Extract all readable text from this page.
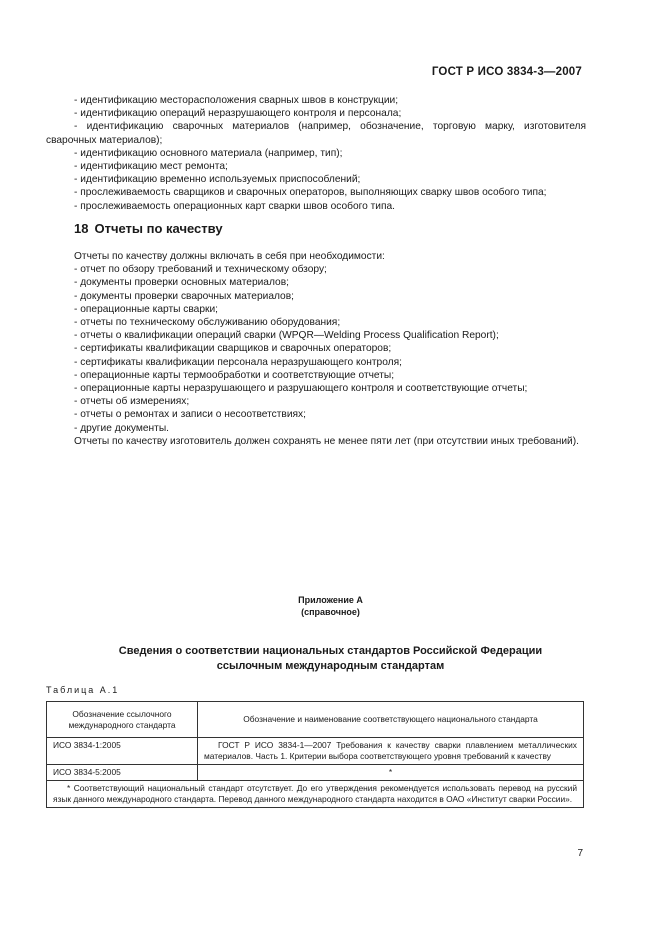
ГОСТ Р ИСО 3834-3—2007
- идентификацию месторасположения сварных швов в конструкции;
- идентификацию операций неразрушающего контроля и персонала;
- идентификацию сварочных материалов (например, обозначение, торговую марку, изготовителя сварочных материалов);
- идентификацию основного материала (например, тип);
- идентификацию мест ремонта;
- идентификацию временно используемых приспособлений;
- прослеживаемость сварщиков и сварочных операторов, выполняющих сварку швов особого типа;
- прослеживаемость операционных карт сварки швов особого типа.
18 Отчеты по качеству
Отчеты по качеству должны включать в себя при необходимости:
- отчет по обзору требований и техническому обзору;
- документы проверки основных материалов;
- документы проверки сварочных материалов;
- операционные карты сварки;
- отчеты по техническому обслуживанию оборудования;
- отчеты о квалификации операций сварки (WPQR—Welding Process Qualification Report);
- сертификаты квалификации сварщиков и сварочных операторов;
- сертификаты квалификации персонала неразрушающего контроля;
- операционные карты термообработки и соответствующие отчеты;
- операционные карты неразрушающего и разрушающего контроля и соответствующие отчеты;
- отчеты об измерениях;
- отчеты о ремонтах и записи о несоответствиях;
- другие документы.
Отчеты по качеству изготовитель должен сохранять не менее пяти лет (при отсутствии иных требований).
Приложение А
(справочное)
Сведения о соответствии национальных стандартов Российской Федерации
ссылочным международным стандартам
Таблица А.1
Обозначение ссылочного международного стандарта	Обозначение и наименование соответствующего национального стандарта
ИСО 3834-1:2005	ГОСТ Р ИСО 3834-1—2007 Требования к качеству сварки плавлением металлических материалов. Часть 1. Критерии выбора соответствующего уровня требований к качеству
ИСО 3834-5:2005	*
* Соответствующий национальный стандарт отсутствует. До его утверждения рекомендуется использовать перевод на русский язык данного международного стандарта. Перевод данного международного стандарта находится в ОАО «Институт сварки России».	
7
